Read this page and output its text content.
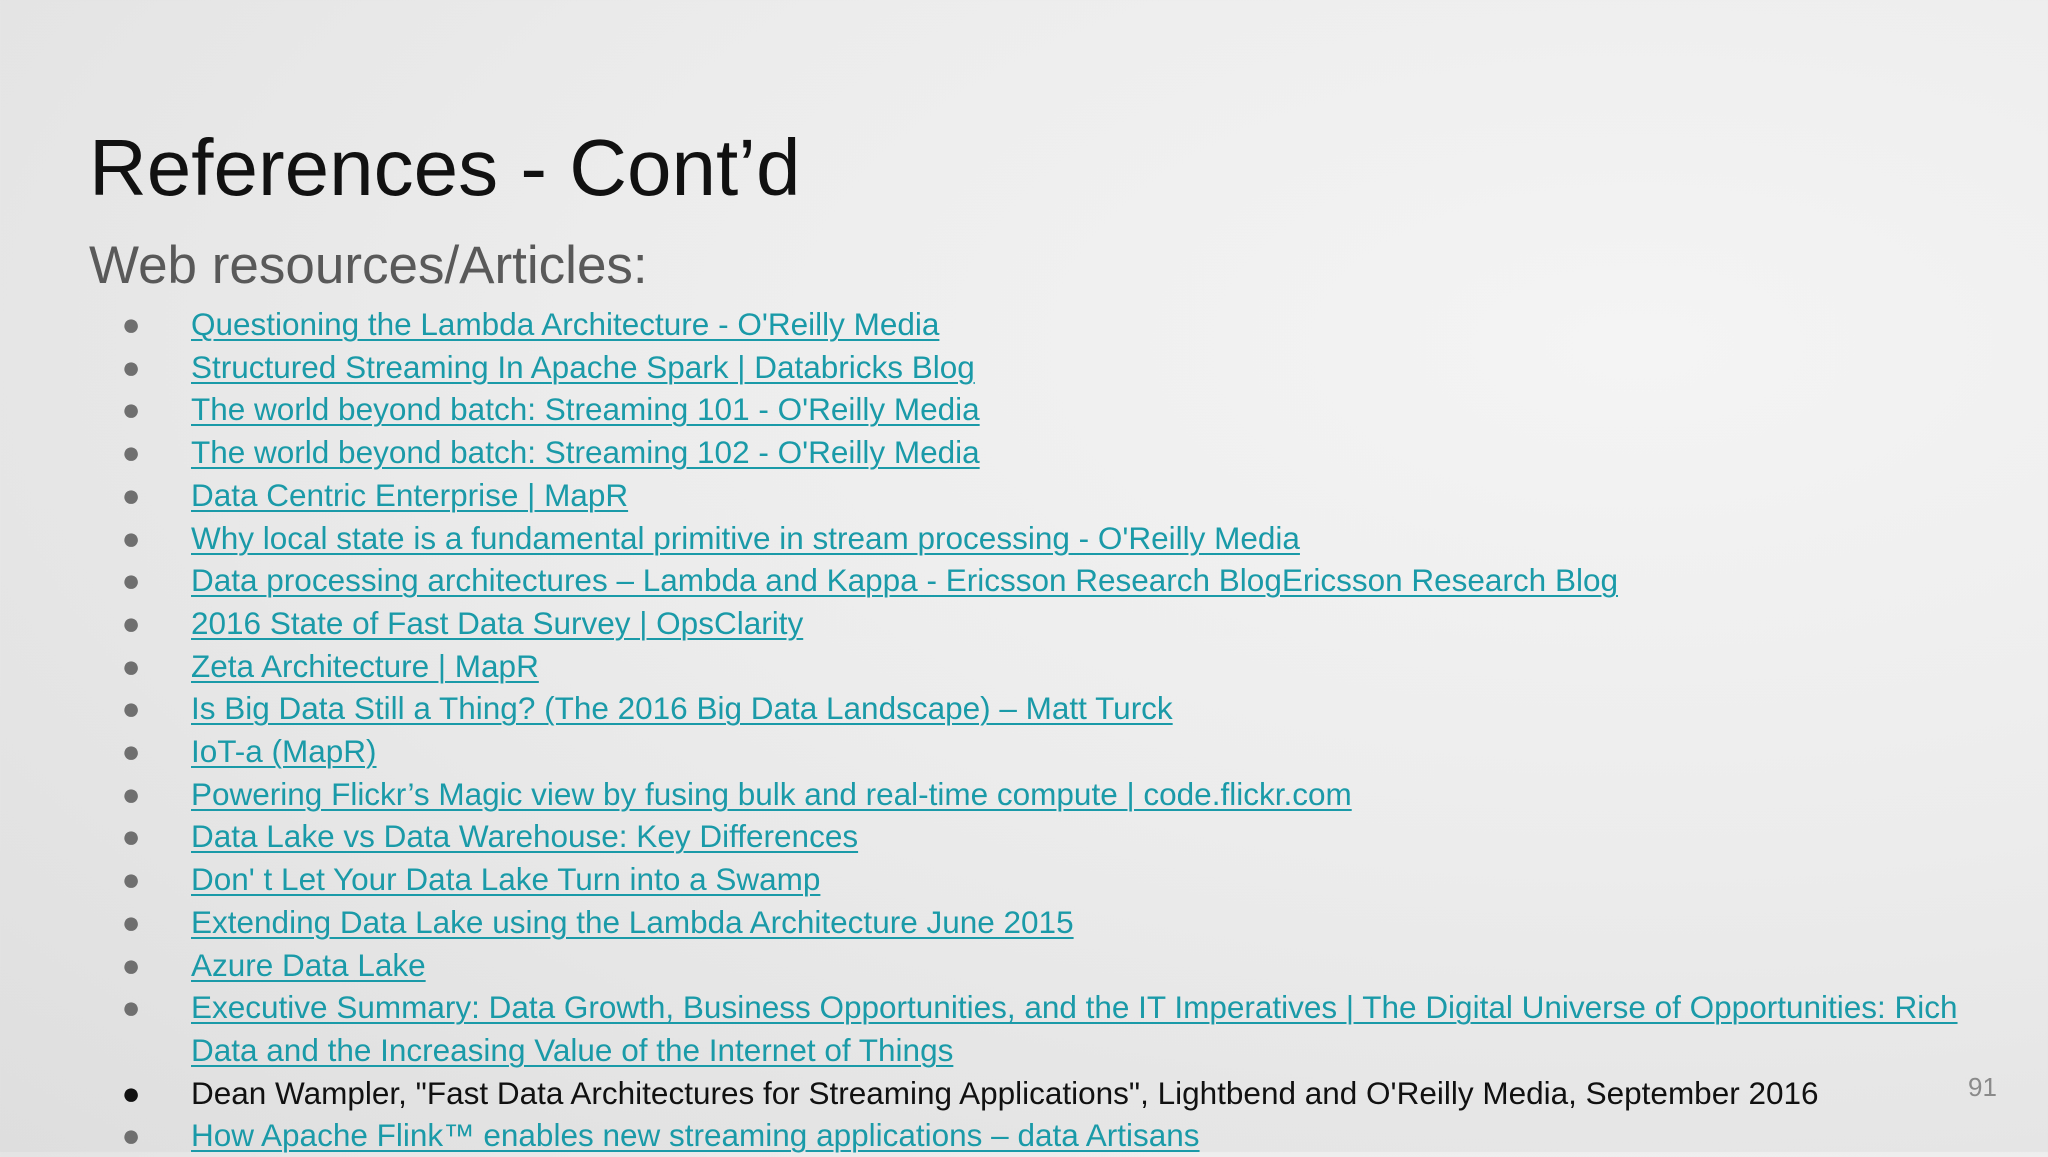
References - Cont’d
Web resources/Articles:
● Questioning the Lambda Architecture - O'Reilly Media
● Structured Streaming In Apache Spark | Databricks Blog
● The world beyond batch: Streaming 101 - O'Reilly Media
● The world beyond batch: Streaming 102 - O'Reilly Media
● Data Centric Enterprise | MapR
● Why local state is a fundamental primitive in stream processing - O'Reilly Media
● Data processing architectures – Lambda and Kappa - Ericsson Research BlogEricsson Research Blog
● 2016 State of Fast Data Survey | OpsClarity
● Zeta Architecture | MapR
● Is Big Data Still a Thing? (The 2016 Big Data Landscape) – Matt Turck
● IoT-a (MapR)
● Powering Flickr’s Magic view by fusing bulk and real-time compute | code.flickr.com
● Data Lake vs Data Warehouse: Key Differences
● Don' t Let Your Data Lake Turn into a Swamp
● Extending Data Lake using the Lambda Architecture June 2015
● Azure Data Lake
● Executive Summary: Data Growth, Business Opportunities, and the IT Imperatives | The Digital Universe of Opportunities: Rich Data and the Increasing Value of the Internet of Things
● Dean Wampler, "Fast Data Architectures for Streaming Applications", Lightbend and O'Reilly Media, September 2016
● How Apache Flink™ enables new streaming applications – data Artisans
91
